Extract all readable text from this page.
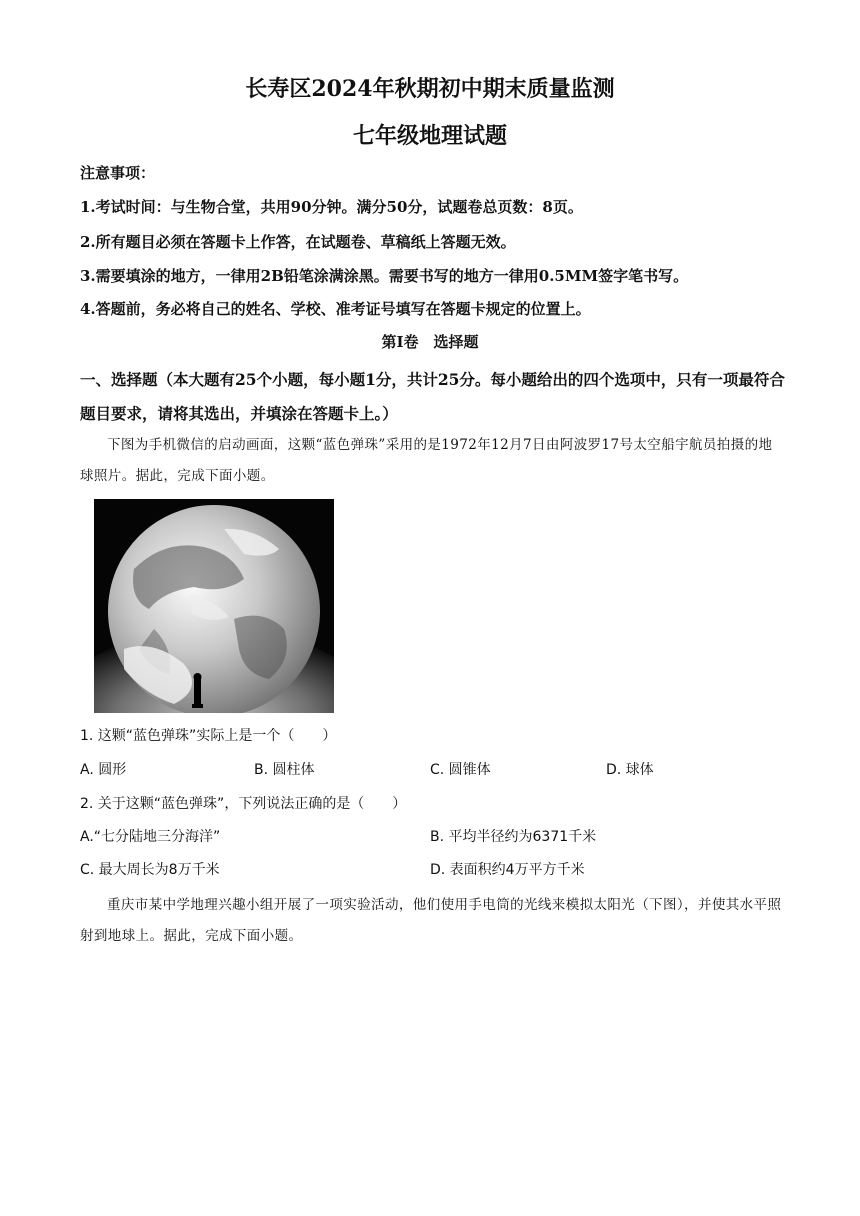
长寿区2024年秋期初中期末质量监测
七年级地理试题
注意事项：
1.考试时间：与生物合堂，共用90分钟。满分50分，试题卷总页数：8页。
2.所有题目必须在答题卡上作答，在试题卷、草稿纸上答题无效。
3.需要填涂的地方，一律用2B铅笔涂满涂黑。需要书写的地方一律用0.5MM签字笔书写。
4.答题前，务必将自己的姓名、学校、准考证号填写在答题卡规定的位置上。
第I卷　选择题
一、选择题（本大题有25个小题，每小题1分，共计25分。每小题给出的四个选项中，只有一项最符合题目要求，请将其选出，并填涂在答题卡上。）
下图为手机微信的启动画面，这颗“蓝色弹珠”采用的是1972年12月7日由阿波罗17号太空船宇航员拍摄的地球照片。据此，完成下面小题。
1. 这颗“蓝色弹珠”实际上是一个（　　）
A. 圆形	B. 圆柱体	C. 圆锥体	D. 球体
2. 关于这颗“蓝色弹珠”，下列说法正确的是（　　）
A.“七分陆地三分海洋”	B. 平均半径约为6371千米
C. 最大周长为8万千米	D. 表面积约4万平方千米
重庆市某中学地理兴趣小组开展了一项实验活动，他们使用手电筒的光线来模拟太阳光（下图），并使其水平照射到地球上。据此，完成下面小题。
